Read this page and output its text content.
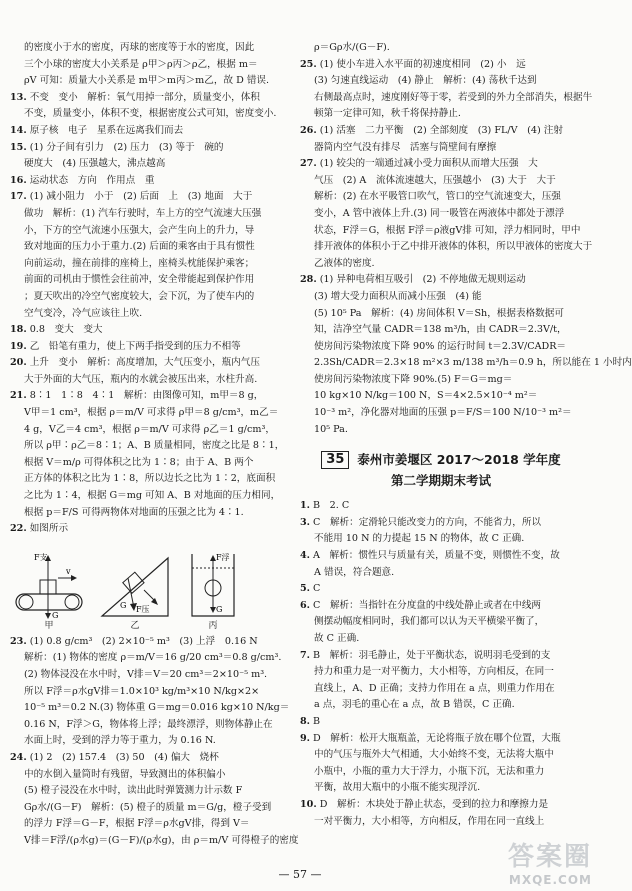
的密度小于水的密度，丙球的密度等于水的密度，因此
三个小球的密度大小关系是 ρ甲＞ρ丙＞ρ乙，根据 m＝
ρV 可知：质量大小关系是 m甲＞m丙＞m乙，故 D 错误.
13. 不变　变小　解析：氧气用掉一部分，质量变小，体积
不变，质量变小，体积不变，根据密度公式可知，密度变小.
14. 原子核　电子　星系在远离我们而去
15. (1) 分子间有引力　(2) 压力　(3) 等于　碗的
硬度大　(4) 压强越大，沸点越高
16. 运动状态　方向　作用点　重
17. (1) 减小阻力　小于　(2) 后面　上　(3) 地面　大于
做功　解析：(1) 汽车行驶时，车上方的空气流速大压强
小，下方的空气流速小压强大，会产生向上的升力，导
致对地面的压力小于重力.(2) 后面的乘客由于具有惯性
向前运动，撞在前排的座椅上，座椅头枕能保护乘客；
前面的司机由于惯性会往前冲，安全带能起到保护作用
；夏天吹出的冷空气密度较大，会下沉，为了使车内的
空气变冷，冷气应该往上吹.
18. 0.8　变大　变大
19. 乙　铅笔有重力，使上下两手指受到的压力不相等
20. 上升　变小　解析：高度增加，大气压变小，瓶内气压
大于外面的大气压，瓶内的水就会被压出来，水柱升高.
21. 8∶1　1∶8　4∶1　解析：由图像可知，m甲＝8 g，
V甲＝1 cm³，根据 ρ＝m/V 可求得 ρ甲＝8 g/cm³，m乙＝
4 g，V乙＝4 cm³，根据 ρ＝m/V 可求得 ρ乙＝1 g/cm³，
所以 ρ甲∶ρ乙＝8∶1；A、B 质量相同，密度之比是 8∶1，
根据 V＝m/ρ 可得体积之比为 1∶8；由于 A、B 两个
正方体的体积之比为 1∶8，所以边长之比为 1∶2，底面积
之比为 1∶4，根据 G＝mg 可知 A、B 对地面的压力相同，
根据 p＝F/S 可得两物体对地面的压强之比为 4∶1.
22. 如图所示
F支
v
G
甲
F压
G
乙
F浮
G
丙
23. (1) 0.8 g/cm³　(2) 2×10⁻⁵ m³　(3) 上浮　0.16 N
解析：(1) 物体的密度 ρ＝m/V＝16 g/20 cm³＝0.8 g/cm³.
(2) 物体浸没在水中时，V排＝V＝20 cm³＝2×10⁻⁵ m³.
所以 F浮＝ρ水gV排＝1.0×10³ kg/m³×10 N/kg×2×
10⁻⁵ m³＝0.2 N.(3) 物体重 G＝mg＝0.016 kg×10 N/kg＝
0.16 N，F浮＞G，物体将上浮；最终漂浮，则物体静止在
水面上时，受到的浮力等于重力，为 0.16 N.
24. (1) 2　(2) 157.4　(3) 50　(4) 偏大　烧杯
中的水倒入量筒时有残留，导致测出的体积偏小
(5) 橙子浸没在水中时，读出此时弹簧测力计示数 F
Gρ水/(G－F)　解析：(5) 橙子的质量 m＝G/g，橙子受到
的浮力 F浮＝G－F，根据 F浮＝ρ水gV排，得到 V＝
V排＝F浮/(ρ水g)＝(G－F)/(ρ水g)，由 ρ＝m/V 可得橙子的密度
ρ＝Gρ水/(G－F).
25. (1) 使小车进入水平面的初速度相同　(2) 小　远
(3) 匀速直线运动　(4) 静止　解析：(4) 荡秋千达到
右侧最高点时，速度刚好等于零，若受到的外力全部消失，根据牛
顿第一定律可知，秋千将保持静止.
26. (1) 活塞　二力平衡　(2) 全部刻度　(3) FL/V　(4) 注射
器筒内空气没有排尽　活塞与筒壁间有摩擦
27. (1) 较尖的一端通过减小受力面积从而增大压强　大
气压　(2) A　流体流速越大，压强越小　(3) 大于　大于
解析：(2) 在水平吸管口吹气，管口的空气流速变大，压强
变小，A 管中液体上升.(3) 同一吸管在两液体中都处于漂浮
状态，F浮＝G，根据 F浮＝ρ液gV排 可知，浮力相同时，甲中
排开液体的体积小于乙中排开液体的体积，所以甲液体的密度大于
乙液体的密度.
28. (1) 异种电荷相互吸引　(2) 不停地做无规则运动
(3) 增大受力面积从而减小压强　(4) 能
(5) 10⁵ Pa　解析：(4) 房间体积 V＝Sh，根据表格数据可
知，洁净空气量 CADR＝138 m³/h，由 CADR＝2.3V/t，
使房间污染物浓度下降 90% 的运行时间 t＝2.3V/CADR＝
2.3Sh/CADR＝2.3×18 m²×3 m/138 m³/h＝0.9 h，所以能在 1 小时内
使房间污染物浓度下降 90%.(5) F＝G＝mg＝
10 kg×10 N/kg＝100 N，S＝4×2.5×10⁻⁴ m²＝
10⁻³ m²，净化器对地面的压强 p＝F/S＝100 N/10⁻³ m²＝
10⁵ Pa.
35	泰州市姜堰区 2017～2018 学年度
第二学期期末考试
1. B　2. C
3. C　解析：定滑轮只能改变力的方向，不能省力，所以
不能用 10 N 的力提起 15 N 的物体，故 C 正确.
4. A　解析：惯性只与质量有关，质量不变，则惯性不变，故
A 错误，符合题意.
5. C
6. C　解析：当指针在分度盘的中线处静止或者在中线两
侧摆动幅度相同时，我们都可以认为天平横梁平衡了，
故 C 正确.
7. B　解析：羽毛静止，处于平衡状态，说明羽毛受到的支
持力和重力是一对平衡力，大小相等，方向相反，在同一
直线上，A、D 正确；支持力作用在 a 点，则重力作用在
a 点，羽毛的重心在 a 点，故 B 错误，C 正确.
8. B
9. D　解析：松开大瓶瓶盖，无论将瓶子放在哪个位置，大瓶
中的气压与瓶外大气相通，大小始终不变，无法将大瓶中
小瓶中，小瓶的重力大于浮力，小瓶下沉，无法和重力
平衡，故用大瓶中的小瓶不能实现浮沉.
10. D　解析：木块处于静止状态，受到的拉力和摩擦力是
一对平衡力，大小相等，方向相反，作用在同一直线上
— 57 —
答案圈
MXQE.COM
